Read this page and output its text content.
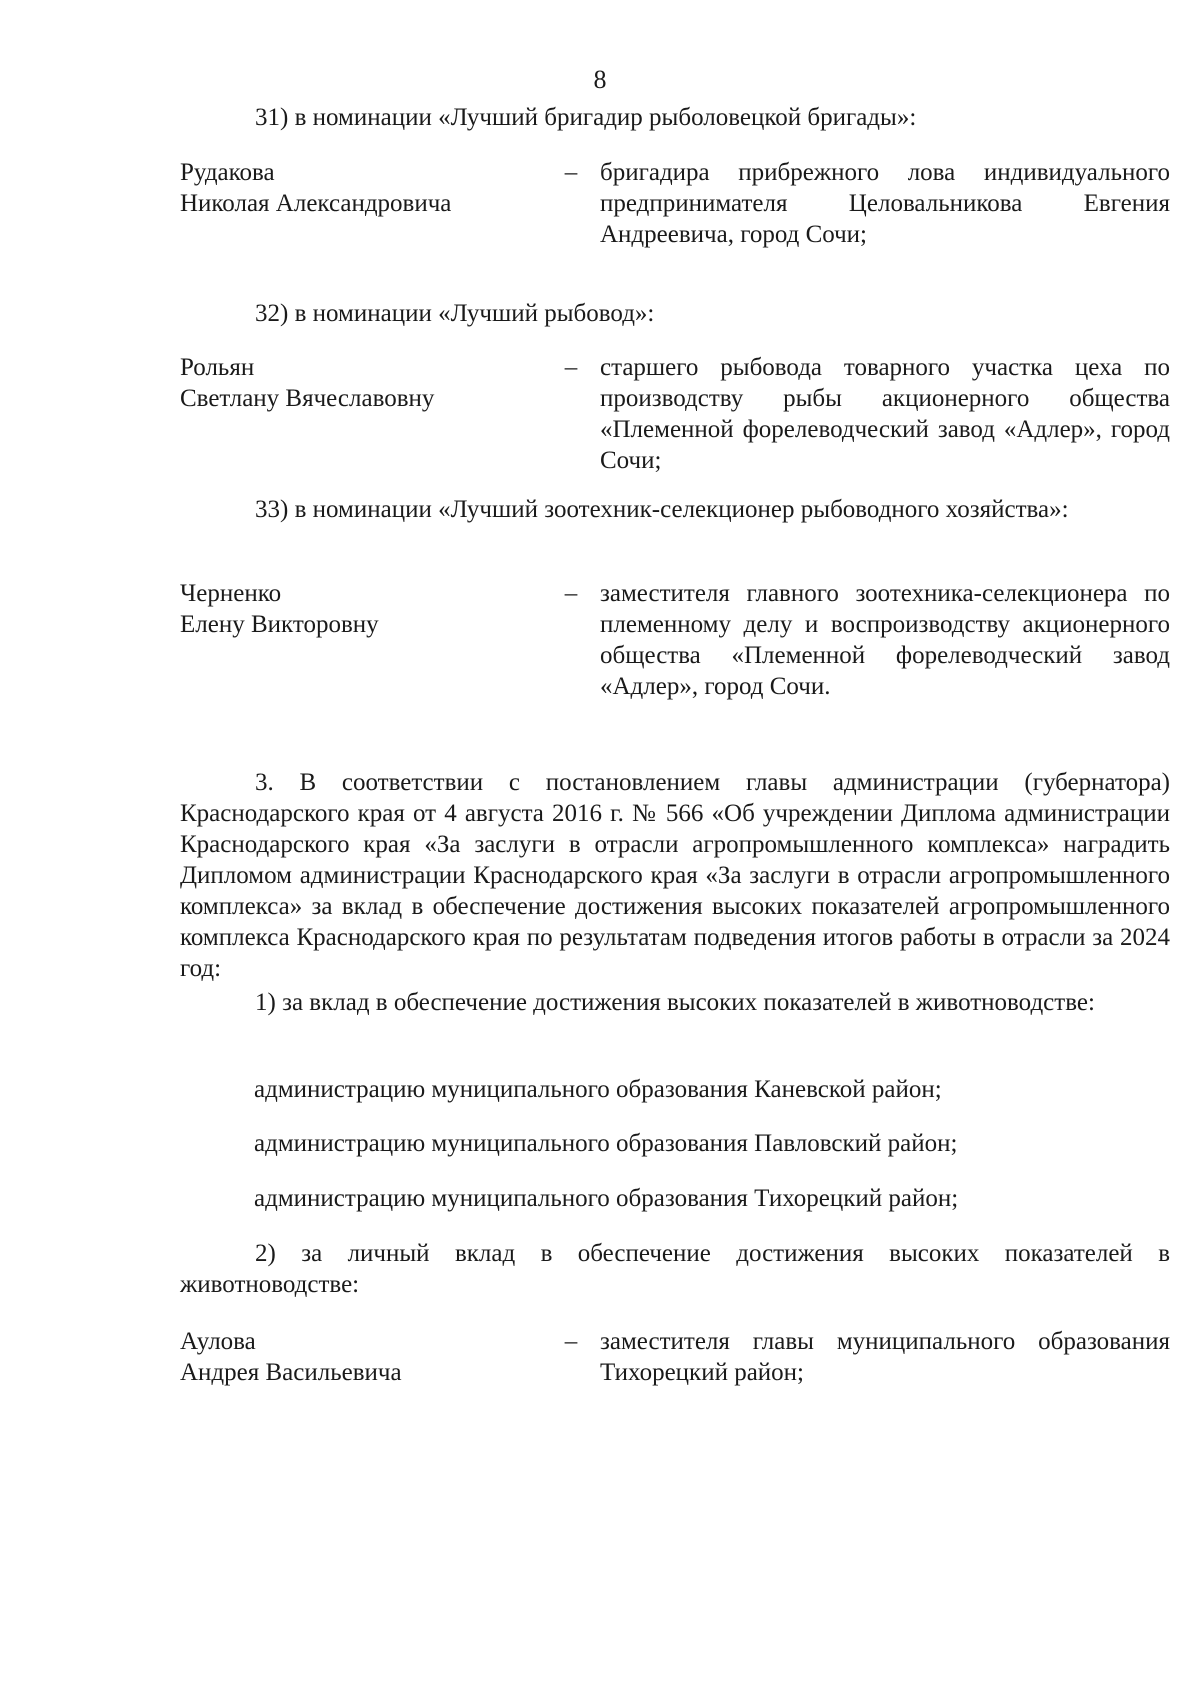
8
31) в номинации «Лучший бригадир рыболовецкой бригады»:
Рудакова
Николая Александровича
– бригадира прибрежного лова индивидуального предпринимателя Целовальникова Евгения Андреевича, город Сочи;
32) в номинации «Лучший рыбовод»:
Рольян
Светлану Вячеславовну
– старшего рыбовода товарного участка цеха по производству рыбы акционерного общества «Племенной форелеводческий завод «Адлер», город Сочи;
33) в номинации «Лучший зоотехник-селекционер рыбоводного хозяйства»:
Черненко
Елену Викторовну
– заместителя главного зоотехника-селекционера по племенному делу и воспроизводству акционерного общества «Племенной форелеводческий завод «Адлер», город Сочи.
3. В соответствии с постановлением главы администрации (губернатора) Краснодарского края от 4 августа 2016 г. № 566 «Об учреждении Диплома администрации Краснодарского края «За заслуги в отрасли агропромышленного комплекса» наградить Дипломом администрации Краснодарского края «За заслуги в отрасли агропромышленного комплекса» за вклад в обеспечение достижения высоких показателей агропромышленного комплекса Краснодарского края по результатам подведения итогов работы в отрасли за 2024 год:
1) за вклад в обеспечение достижения высоких показателей в животноводстве:
администрацию муниципального образования Каневской район;
администрацию муниципального образования Павловский район;
администрацию муниципального образования Тихорецкий район;
2) за личный вклад в обеспечение достижения высоких показателей в животноводстве:
Аулова
Андрея Васильевича
– заместителя главы муниципального образования Тихорецкий район;
